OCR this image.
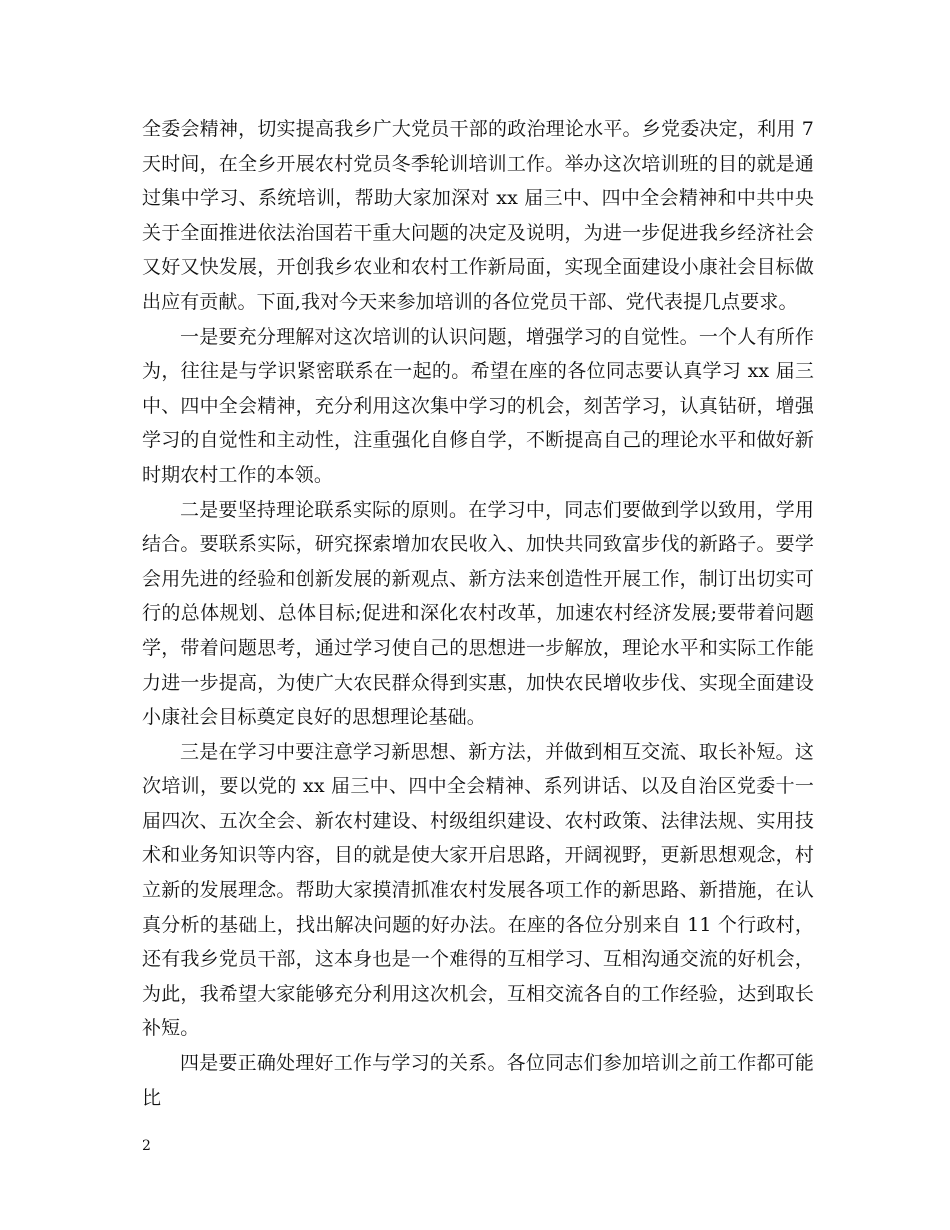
全委会精神，切实提高我乡广大党员干部的政治理论水平。乡党委决定，利用 7 天时间，在全乡开展农村党员冬季轮训培训工作。举办这次培训班的目的就是通过集中学习、系统培训，帮助大家加深对 xx 届三中、四中全会精神和中共中央关于全面推进依法治国若干重大问题的决定及说明，为进一步促进我乡经济社会又好又快发展，开创我乡农业和农村工作新局面，实现全面建设小康社会目标做出应有贡献。下面,我对今天来参加培训的各位党员干部、党代表提几点要求。

一是要充分理解对这次培训的认识问题，增强学习的自觉性。一个人有所作为，往往是与学识紧密联系在一起的。希望在座的各位同志要认真学习 xx 届三中、四中全会精神，充分利用这次集中学习的机会，刻苦学习，认真钻研，增强学习的自觉性和主动性，注重强化自修自学，不断提高自己的理论水平和做好新时期农村工作的本领。

二是要坚持理论联系实际的原则。在学习中，同志们要做到学以致用，学用结合。要联系实际，研究探索增加农民收入、加快共同致富步伐的新路子。要学会用先进的经验和创新发展的新观点、新方法来创造性开展工作，制订出切实可行的总体规划、总体目标;促进和深化农村改革，加速农村经济发展;要带着问题学，带着问题思考，通过学习使自己的思想进一步解放，理论水平和实际工作能力进一步提高，为使广大农民群众得到实惠，加快农民增收步伐、实现全面建设小康社会目标奠定良好的思想理论基础。

三是在学习中要注意学习新思想、新方法，并做到相互交流、取长补短。这次培训，要以党的 xx 届三中、四中全会精神、系列讲话、以及自治区党委十一届四次、五次全会、新农村建设、村级组织建设、农村政策、法律法规、实用技术和业务知识等内容，目的就是使大家开启思路，开阔视野，更新思想观念，村立新的发展理念。帮助大家摸清抓准农村发展各项工作的新思路、新措施，在认真分析的基础上，找出解决问题的好办法。在座的各位分别来自 11 个行政村，还有我乡党员干部，这本身也是一个难得的互相学习、互相沟通交流的好机会，为此，我希望大家能够充分利用这次机会，互相交流各自的工作经验，达到取长补短。

四是要正确处理好工作与学习的关系。各位同志们参加培训之前工作都可能比

2
